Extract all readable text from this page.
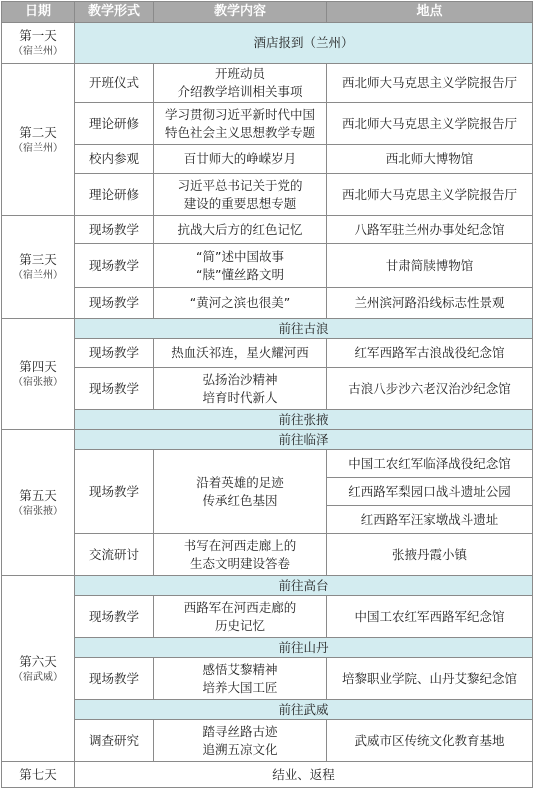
日期	教学形式	教学内容	地点
第一天
（宿兰州）	酒店报到（兰州）		
第二天
（宿兰州）	开班仪式	开班动员
介绍教学培训相关事项	西北师大马克思主义学院报告厅
	理论研修	学习贯彻习近平新时代中国
特色社会主义思想教学专题	西北师大马克思主义学院报告厅
	校内参观	百廿师大的峥嵘岁月	西北师大博物馆
	理论研修	习近平总书记关于党的
建设的重要思想专题	西北师大马克思主义学院报告厅
第三天
（宿兰州）	现场教学	抗战大后方的红色记忆	八路军驻兰州办事处纪念馆
	现场教学	“简”述中国故事
“牍”懂丝路文明	甘肃简牍博物馆
	现场教学	“黄河之滨也很美”	兰州滨河路沿线标志性景观
第四天
（宿张掖）	前往古浪		
	现场教学	热血沃祁连，星火耀河西	红军西路军古浪战役纪念馆
	现场教学	弘扬治沙精神
培育时代新人	古浪八步沙六老汉治沙纪念馆
	前往张掖		
第五天
（宿张掖）	前往临泽		
	现场教学	沿着英雄的足迹
传承红色基因	中国工农红军临泽战役纪念馆
			红西路军梨园口战斗遗址公园
			红西路军汪家墩战斗遗址
	交流研讨	书写在河西走廊上的
生态文明建设答卷	张掖丹霞小镇
第六天
（宿武威）	前往高台		
	现场教学	西路军在河西走廊的
历史记忆	中国工农红军西路军纪念馆
	前往山丹		
	现场教学	感悟艾黎精神
培养大国工匠	培黎职业学院、山丹艾黎纪念馆
	前往武威		
	调查研究	踏寻丝路古迹
追溯五凉文化	武威市区传统文化教育基地
第七天	结业、返程		
